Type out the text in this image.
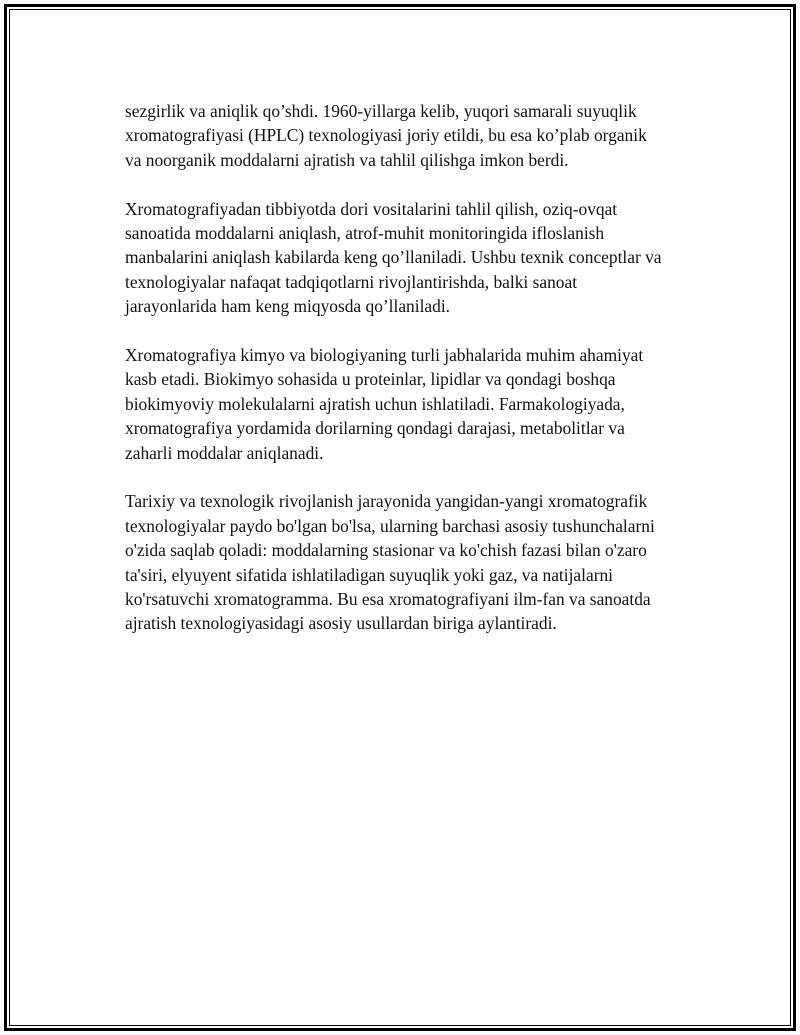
sezgirlik va aniqlik qo’shdi. 1960-yillarga kelib, yuqori samarali suyuqlik
xromatografiyasi (HPLC) texnologiyasi joriy etildi, bu esa ko’plab organik
va noorganik moddalarni ajratish va tahlil qilishga imkon berdi.

Xromatografiyadan tibbiyotda dori vositalarini tahlil qilish, oziq-ovqat
sanoatida moddalarni aniqlash, atrof-muhit monitoringida ifloslanish
manbalarini aniqlash kabilarda keng qo’llaniladi. Ushbu texnik conceptlar va
texnologiyalar nafaqat tadqiqotlarni rivojlantirishda, balki sanoat
jarayonlarida ham keng miqyosda qo’llaniladi.

Xromatografiya kimyo va biologiyaning turli jabhalarida muhim ahamiyat
kasb etadi. Biokimyo sohasida u proteinlar, lipidlar va qondagi boshqa
biokimyoviy molekulalarni ajratish uchun ishlatiladi. Farmakologiyada,
xromatografiya yordamida dorilarning qondagi darajasi, metabolitlar va
zaharli moddalar aniqlanadi.

Tarixiy va texnologik rivojlanish jarayonida yangidan-yangi xromatografik
texnologiyalar paydo bo'lgan bo'lsa, ularning barchasi asosiy tushunchalarni
o'zida saqlab qoladi: moddalarning stasionar va ko'chish fazasi bilan o'zaro
ta'siri, elyuyent sifatida ishlatiladigan suyuqlik yoki gaz, va natijalarni
ko'rsatuvchi xromatogramma. Bu esa xromatografiyani ilm-fan va sanoatda
ajratish texnologiyasidagi asosiy usullardan biriga aylantiradi.
